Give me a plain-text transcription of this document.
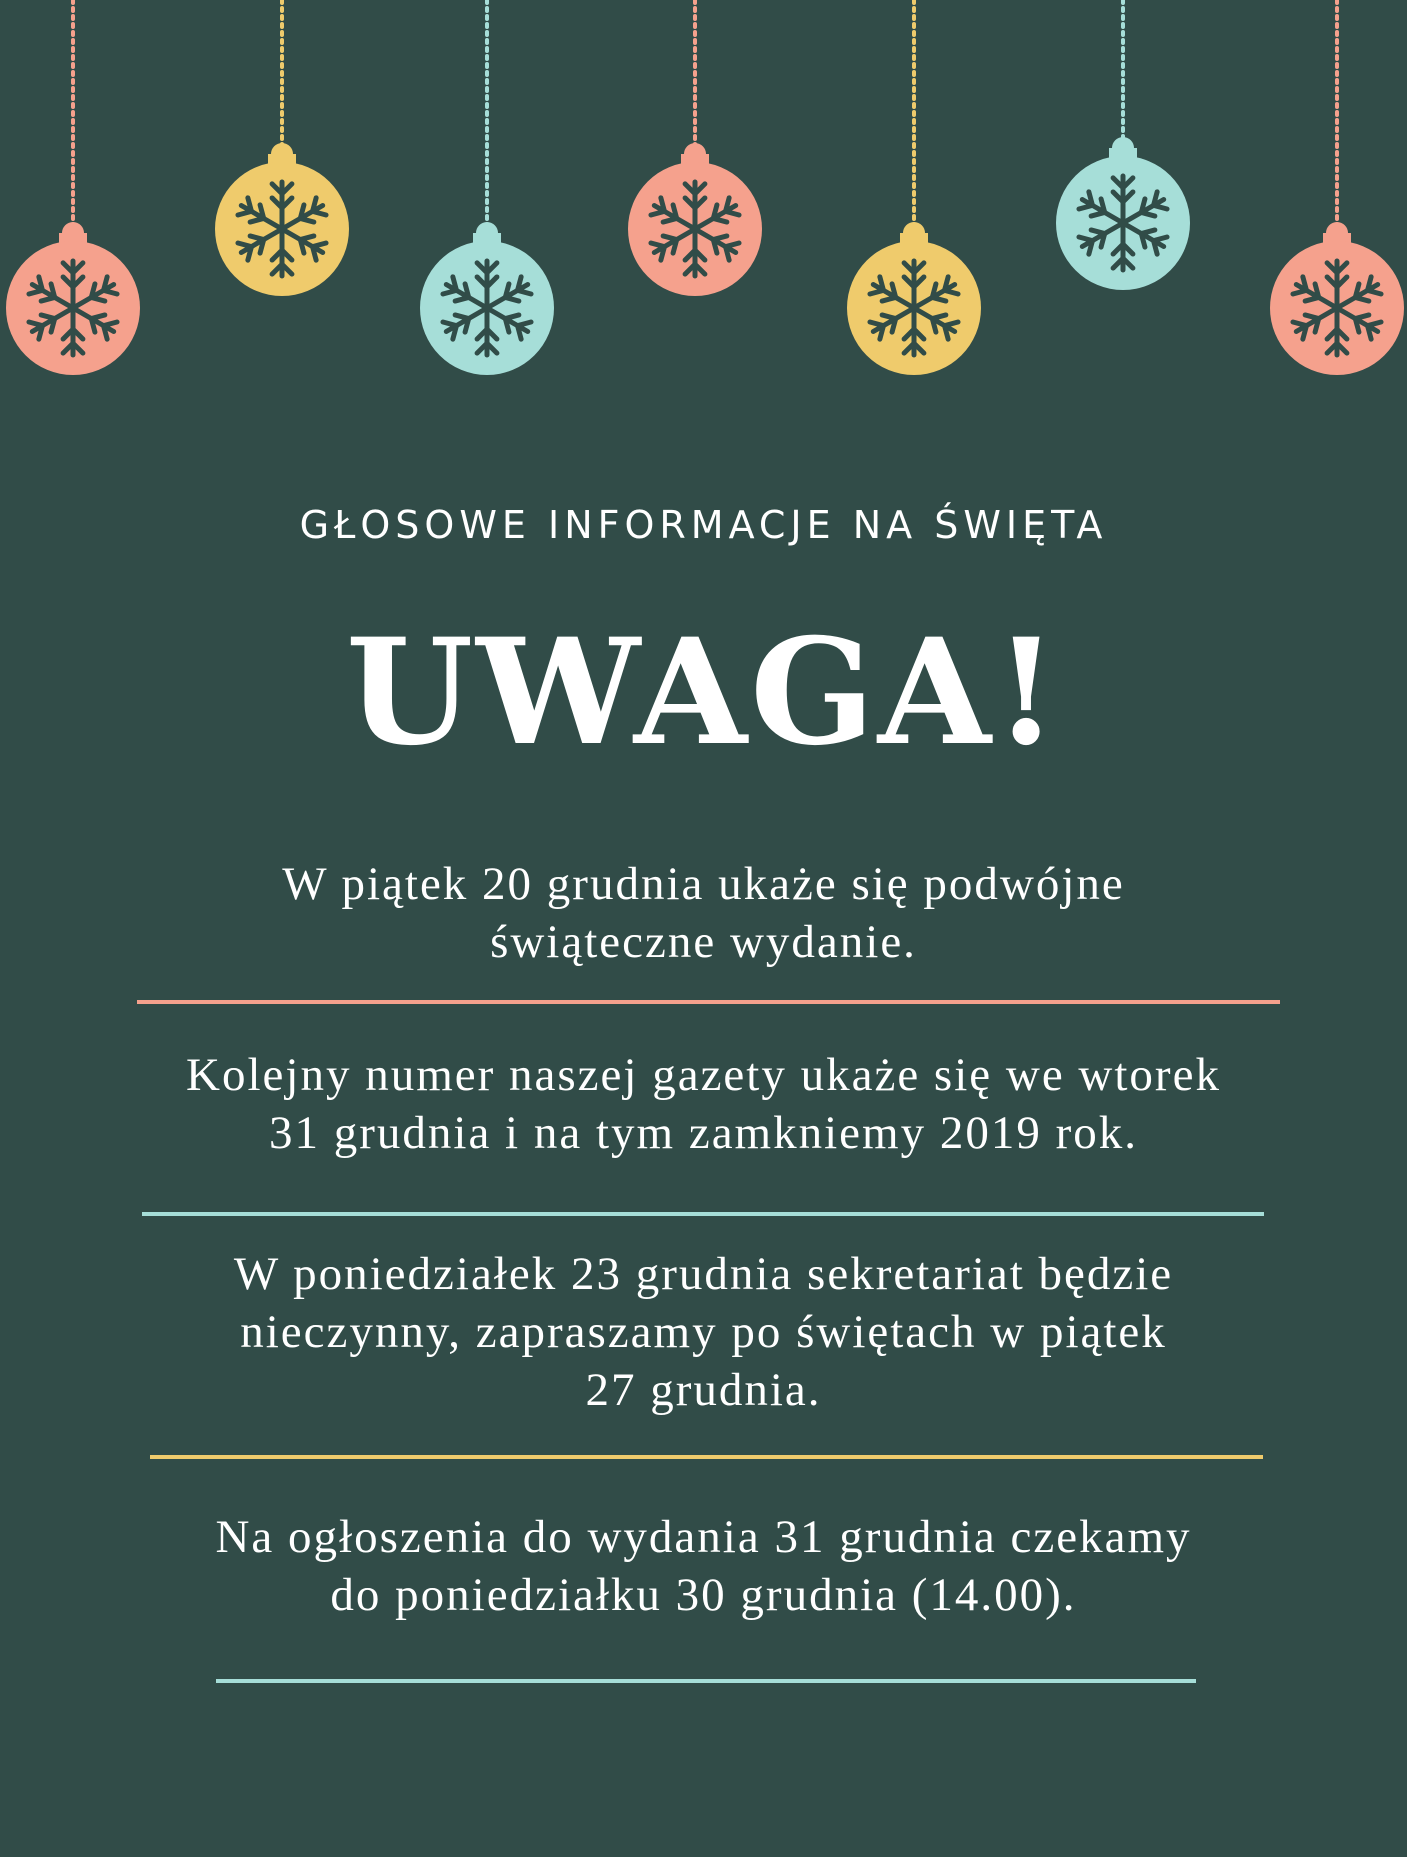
GŁOSOWE INFORMACJE NA ŚWIĘTA
UWAGA!
W piątek 20 grudnia ukaże się podwójne
świąteczne wydanie.
Kolejny numer naszej gazety ukaże się we wtorek
31 grudnia i na tym zamkniemy 2019 rok.
W poniedziałek 23 grudnia sekretariat będzie
nieczynny, zapraszamy po świętach w piątek
27 grudnia.
Na ogłoszenia do wydania 31 grudnia czekamy
do poniedziałku 30 grudnia (14.00).
